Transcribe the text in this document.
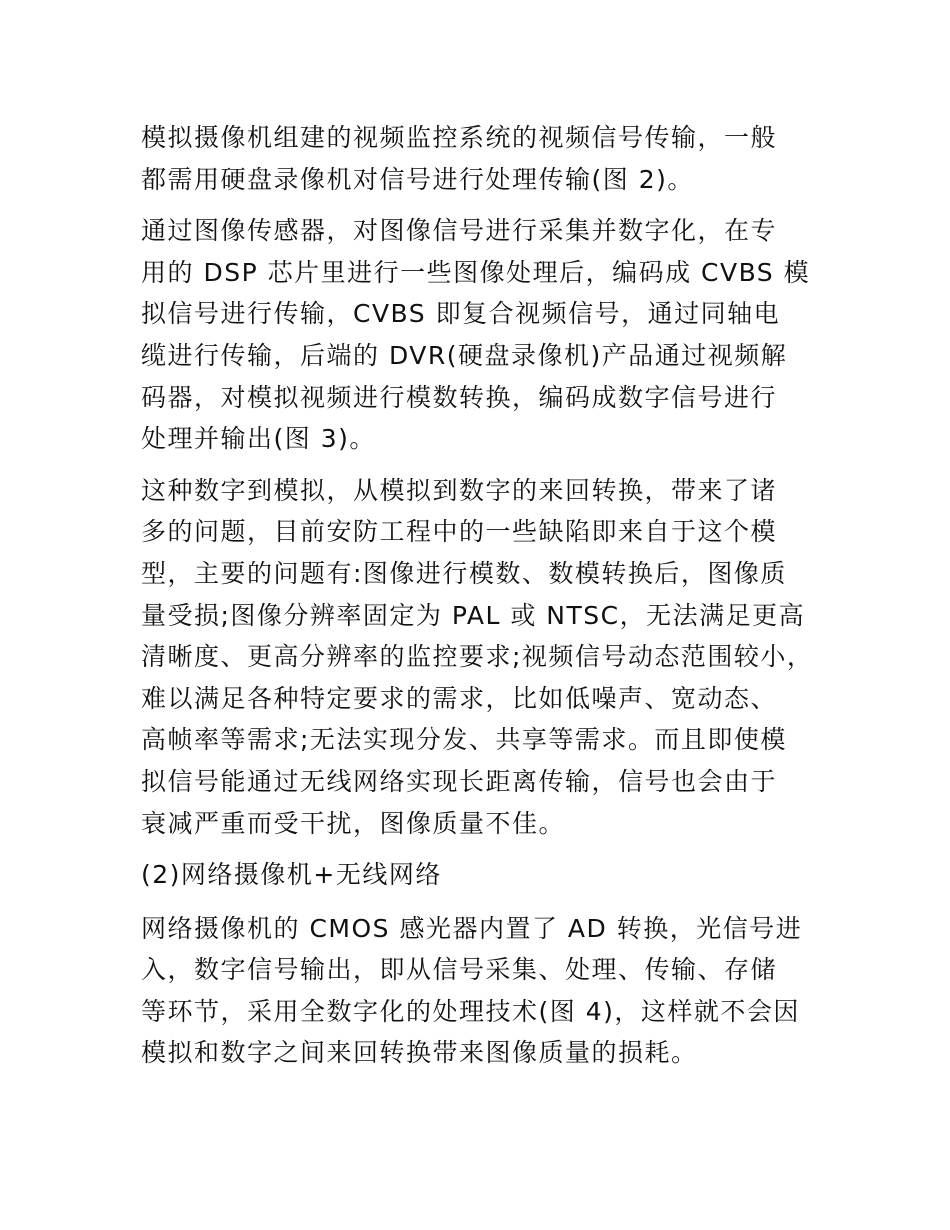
模拟摄像机组建的视频监控系统的视频信号传输，一般
都需用硬盘录像机对信号进行处理传输(图 2)。

通过图像传感器，对图像信号进行采集并数字化，在专
用的 DSP 芯片里进行一些图像处理后，编码成 CVBS 模
拟信号进行传输，CVBS 即复合视频信号，通过同轴电
缆进行传输，后端的 DVR(硬盘录像机)产品通过视频解
码器，对模拟视频进行模数转换，编码成数字信号进行
处理并输出(图 3)。

这种数字到模拟，从模拟到数字的来回转换，带来了诸
多的问题，目前安防工程中的一些缺陷即来自于这个模
型，主要的问题有:图像进行模数、数模转换后，图像质
量受损;图像分辨率固定为 PAL 或 NTSC，无法满足更高
清晰度、更高分辨率的监控要求;视频信号动态范围较小，
难以满足各种特定要求的需求，比如低噪声、宽动态、
高帧率等需求;无法实现分发、共享等需求。而且即使模
拟信号能通过无线网络实现长距离传输，信号也会由于
衰减严重而受干扰，图像质量不佳。

(2)网络摄像机+无线网络

网络摄像机的 CMOS 感光器内置了 AD 转换，光信号进
入，数字信号输出，即从信号采集、处理、传输、存储
等环节，采用全数字化的处理技术(图 4)，这样就不会因
模拟和数字之间来回转换带来图像质量的损耗。
